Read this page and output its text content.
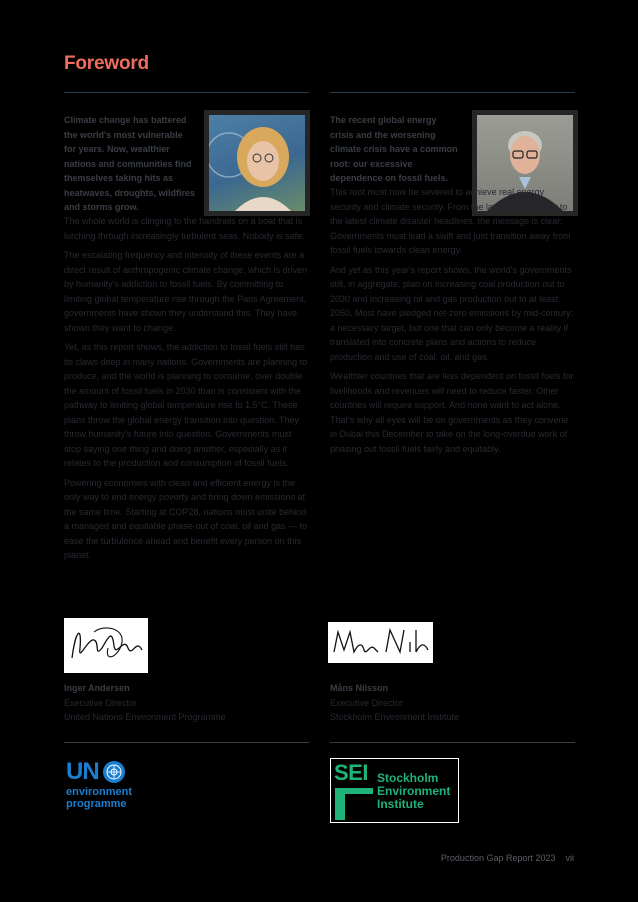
Foreword
Climate change has battered the world's most vulnerable for years. Now, wealthier nations and communities find themselves taking hits as heatwaves, droughts, wildfires and storms grow.

The whole world is clinging to the handrails on a boat that is lurching through increasingly turbulent seas. Nobody is safe.

The escalating frequency and intensity of these events are a direct result of anthropogenic climate change, which is driven by humanity's addiction to fossil fuels. By committing to limiting global temperature rise through the Paris Agreement, governments have shown they understand this. They have shown they want to change.

Yet, as this report shows, the addiction to fossil fuels still has its claws deep in many nations. Governments are planning to produce, and the world is planning to consume, over double the amount of fossil fuels in 2030 than is consistent with the pathway to limiting global temperature rise to 1.5°C. These plans throw the global energy transition into question. They throw humanity's future into question. Governments must stop saying one thing and doing another, especially as it relates to the production and consumption of fossil fuels.

Powering economies with clean and efficient energy is the only way to end energy poverty and bring down emissions at the same time. Starting at COP28, nations must unite behind a managed and equitable phase-out of coal, oil and gas — to ease the turbulence ahead and benefit every person on this planet.

The recent global energy crisis and the worsening climate crisis have a common root: our excessive dependence on fossil fuels.

This root must now be severed to achieve real energy security and climate security. From the latest IPCC report to the latest climate disaster headlines, the message is clear: Governments must lead a swift and just transition away from fossil fuels towards clean energy.

And yet as this year's report shows, the world's governments still, in aggregate, plan on increasing coal production out to 2030 and increasing oil and gas production out to at least 2050. Most have pledged net-zero emissions by mid-century: a necessary target, but one that can only become a reality if translated into concrete plans and actions to reduce production and use of coal, oil, and gas.

Wealthier countries that are less dependent on fossil fuels for livelihoods and revenues will need to reduce faster. Other countries will require support. And none want to act alone. That's why all eyes will be on governments as they convene in Dubai this December to take on the long-overdue work of phasing out fossil fuels fairly and equitably.

Inger Andersen
Executive Director
United Nations Environment Programme
Måns Nilsson
Executive Director
Stockholm Environment Institute
UN
environment
programme
SEI Stockholm
Environment
Institute
Production Gap Report 2023 vii
